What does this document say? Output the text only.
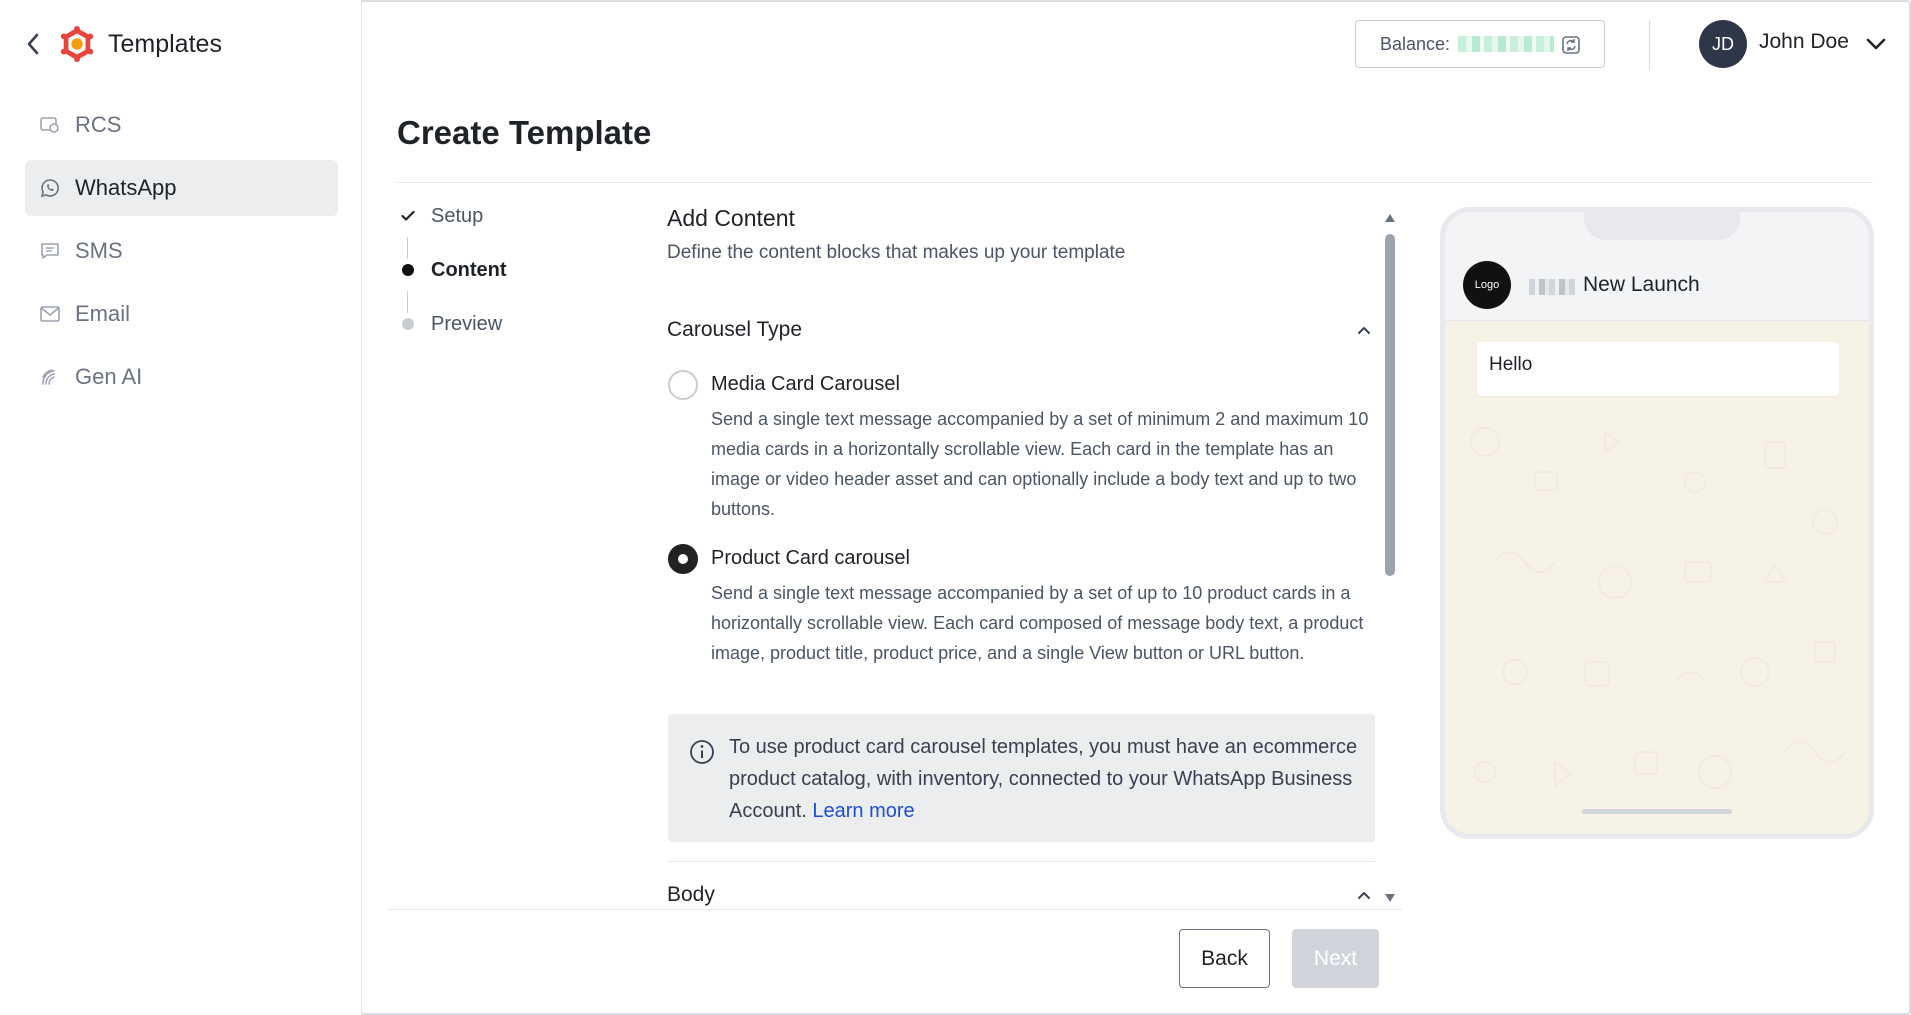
Templates
RCS
WhatsApp
SMS
Email
Gen AI
Balance:	JD	John Doe
Create Template
Setup
Content
Preview
Add Content
Define the content blocks that makes up your template
Carousel Type
Media Card Carousel
Send a single text message accompanied by a set of minimum 2 and maximum 10 media cards in a horizontally scrollable view. Each card in the template has an image or video header asset and can optionally include a body text and up to two buttons.
Product Card carousel
Send a single text message accompanied by a set of up to 10 product cards in a horizontally scrollable view. Each card composed of message body text, a product image, product title, product price, and a single View button or URL button.
To use product card carousel templates, you must have an ecommerce product catalog, with inventory, connected to your WhatsApp Business Account. Learn more
Body
Back	Next
Logo	New Launch
Hello
